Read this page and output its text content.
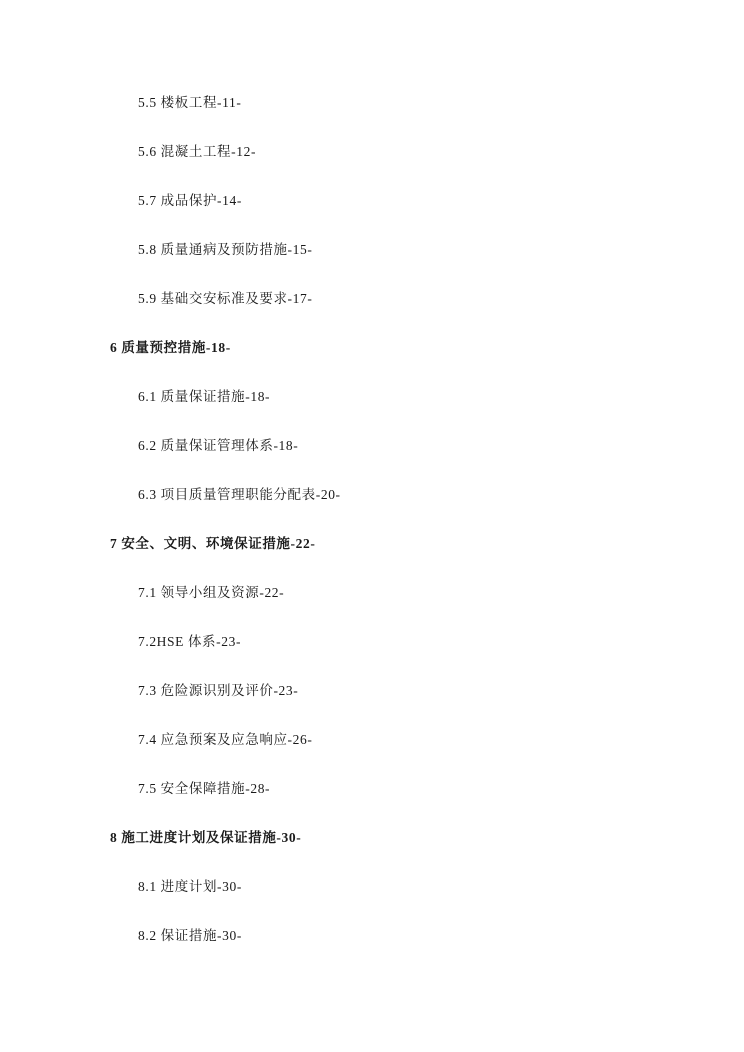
5.5 楼板工程-11-
5.6 混凝土工程-12-
5.7 成品保护-14-
5.8 质量通病及预防措施-15-
5.9 基础交安标准及要求-17-
6 质量预控措施-18-
6.1 质量保证措施-18-
6.2 质量保证管理体系-18-
6.3 项目质量管理职能分配表-20-
7 安全、文明、环境保证措施-22-
7.1 领导小组及资源-22-
7.2HSE 体系-23-
7.3 危险源识别及评价-23-
7.4 应急预案及应急响应-26-
7.5 安全保障措施-28-
8 施工进度计划及保证措施-30-
8.1 进度计划-30-
8.2 保证措施-30-
